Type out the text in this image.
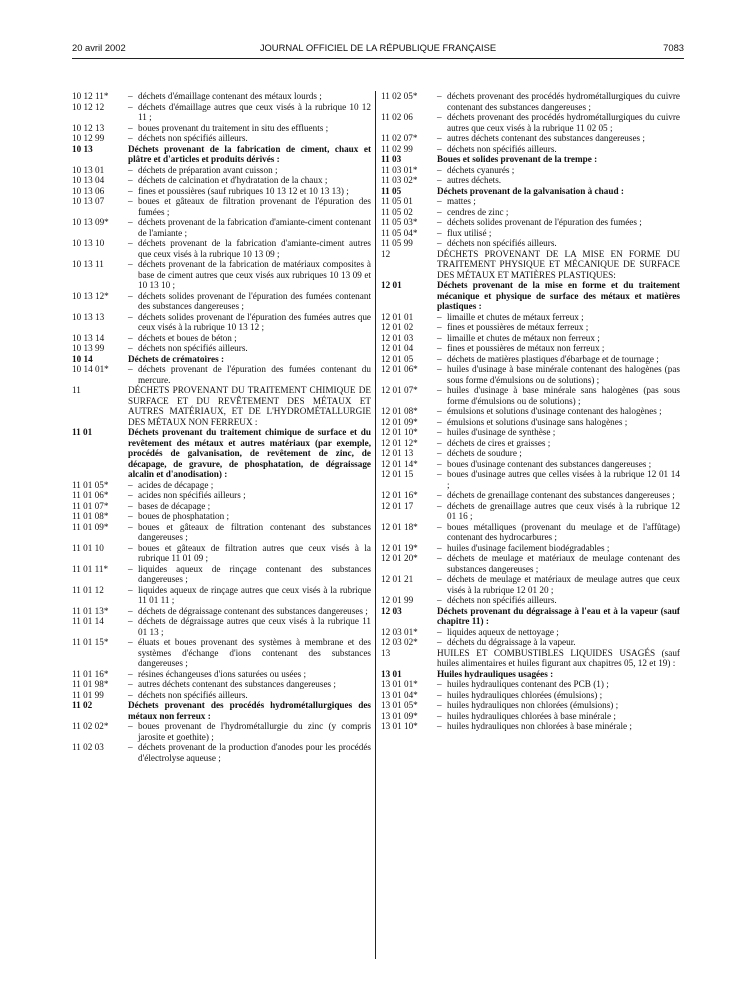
20 avril 2002	JOURNAL OFFICIEL DE LA RÉPUBLIQUE FRANÇAISE	7083
10 12 11*	– déchets d'émaillage contenant des métaux lourds ;
10 12 12	– déchets d'émaillage autres que ceux visés à la rubrique 10 12 11 ;
10 12 13	– boues provenant du traitement in situ des effluents ;
10 12 99	– déchets non spécifiés ailleurs.
10 13	Déchets provenant de la fabrication de ciment, chaux et plâtre et d'articles et produits dérivés :
10 13 01	– déchets de préparation avant cuisson ;
10 13 04	– déchets de calcination et d'hydratation de la chaux ;
10 13 06	– fines et poussières (sauf rubriques 10 13 12 et 10 13 13) ;
10 13 07	– boues et gâteaux de filtration provenant de l'épuration des fumées ;
10 13 09*	– déchets provenant de la fabrication d'amiante-ciment contenant de l'amiante ;
10 13 10	– déchets provenant de la fabrication d'amiante-ciment autres que ceux visés à la rubrique 10 13 09 ;
10 13 11	– déchets provenant de la fabrication de matériaux composites à base de ciment autres que ceux visés aux rubriques 10 13 09 et 10 13 10 ;
10 13 12*	– déchets solides provenant de l'épuration des fumées contenant des substances dangereuses ;
10 13 13	– déchets solides provenant de l'épuration des fumées autres que ceux visés à la rubrique 10 13 12 ;
10 13 14	– déchets et boues de béton ;
10 13 99	– déchets non spécifiés ailleurs.
10 14	Déchets de crématoires :
10 14 01*	– déchets provenant de l'épuration des fumées contenant du mercure.
11	DÉCHETS PROVENANT DU TRAITEMENT CHIMIQUE DE SURFACE ET DU REVÊTEMENT DES MÉTAUX ET AUTRES MATÉRIAUX, ET DE L'HYDROMÉTALLURGIE DES MÉTAUX NON FERREUX :
11 01	Déchets provenant du traitement chimique de surface et du revêtement des métaux et autres matériaux (par exemple, procédés de galvanisation, de revêtement de zinc, de décapage, de gravure, de phosphatation, de dégraissage alcalin et d'anodisation) :
11 01 05*	– acides de décapage ;
11 01 06*	– acides non spécifiés ailleurs ;
11 01 07*	– bases de décapage ;
11 01 08*	– boues de phosphatation ;
11 01 09*	– boues et gâteaux de filtration contenant des substances dangereuses ;
11 01 10	– boues et gâteaux de filtration autres que ceux visés à la rubrique 11 01 09 ;
11 01 11*	– liquides aqueux de rinçage contenant des substances dangereuses ;
11 01 12	– liquides aqueux de rinçage autres que ceux visés à la rubrique 11 01 11 ;
11 01 13*	– déchets de dégraissage contenant des substances dangereuses ;
11 01 14	– déchets de dégraissage autres que ceux visés à la rubrique 11 01 13 ;
11 01 15*	– éluats et boues provenant des systèmes à membrane et des systèmes d'échange d'ions contenant des substances dangereuses ;
11 01 16*	– résines échangeuses d'ions saturées ou usées ;
11 01 98*	– autres déchets contenant des substances dangereuses ;
11 01 99	– déchets non spécifiés ailleurs.
11 02	Déchets provenant des procédés hydrométallurgiques des métaux non ferreux :
11 02 02*	– boues provenant de l'hydrométallurgie du zinc (y compris jarosite et goethite) ;
11 02 03	– déchets provenant de la production d'anodes pour les procédés d'électrolyse aqueuse ;
11 02 05*	– déchets provenant des procédés hydrométallurgiques du cuivre contenant des substances dangereuses ;
11 02 06	– déchets provenant des procédés hydrométallurgiques du cuivre autres que ceux visés à la rubrique 11 02 05 ;
11 02 07*	– autres déchets contenant des substances dangereuses ;
11 02 99	– déchets non spécifiés ailleurs.
11 03	Boues et solides provenant de la trempe :
11 03 01*	– déchets cyanurés ;
11 03 02*	– autres déchets.
11 05	Déchets provenant de la galvanisation à chaud :
11 05 01	– mattes ;
11 05 02	– cendres de zinc ;
11 05 03*	– déchets solides provenant de l'épuration des fumées ;
11 05 04*	– flux utilisé ;
11 05 99	– déchets non spécifiés ailleurs.
12	DÉCHETS PROVENANT DE LA MISE EN FORME DU TRAITEMENT PHYSIQUE ET MÉCANIQUE DE SURFACE DES MÉTAUX ET MATIÈRES PLASTIQUES:
12 01	Déchets provenant de la mise en forme et du traitement mécanique et physique de surface des métaux et matières plastiques :
12 01 01	– limaille et chutes de métaux ferreux ;
12 01 02	– fines et poussières de métaux ferreux ;
12 01 03	– limaille et chutes de métaux non ferreux ;
12 01 04	– fines et poussières de métaux non ferreux ;
12 01 05	– déchets de matières plastiques d'ébarbage et de tournage ;
12 01 06*	– huiles d'usinage à base minérale contenant des halogènes (pas sous forme d'émulsions ou de solutions) ;
12 01 07*	– huiles d'usinage à base minérale sans halogènes (pas sous forme d'émulsions ou de solutions) ;
12 01 08*	– émulsions et solutions d'usinage contenant des halogènes ;
12 01 09*	– émulsions et solutions d'usinage sans halogènes ;
12 01 10*	– huiles d'usinage de synthèse ;
12 01 12*	– déchets de cires et graisses ;
12 01 13	– déchets de soudure ;
12 01 14*	– boues d'usinage contenant des substances dangereuses ;
12 01 15	– boues d'usinage autres que celles visées à la rubrique 12 01 14 ;
12 01 16*	– déchets de grenaillage contenant des substances dangereuses ;
12 01 17	– déchets de grenaillage autres que ceux visés à la rubrique 12 01 16 ;
12 01 18*	– boues métalliques (provenant du meulage et de l'affûtage) contenant des hydrocarbures ;
12 01 19*	– huiles d'usinage facilement biodégradables ;
12 01 20*	– déchets de meulage et matériaux de meulage contenant des substances dangereuses ;
12 01 21	– déchets de meulage et matériaux de meulage autres que ceux visés à la rubrique 12 01 20 ;
12 01 99	– déchets non spécifiés ailleurs.
12 03	Déchets provenant du dégraissage à l'eau et à la vapeur (sauf chapitre 11) :
12 03 01*	– liquides aqueux de nettoyage ;
12 03 02*	– déchets du dégraissage à la vapeur.
13	HUILES ET COMBUSTIBLES LIQUIDES USAGÉS (sauf huiles alimentaires et huiles figurant aux chapitres 05, 12 et 19) :
13 01	Huiles hydrauliques usagées :
13 01 01*	– huiles hydrauliques contenant des PCB (1) ;
13 01 04*	– huiles hydrauliques chlorées (émulsions) ;
13 01 05*	– huiles hydrauliques non chlorées (émulsions) ;
13 01 09*	– huiles hydrauliques chlorées à base minérale ;
13 01 10*	– huiles hydrauliques non chlorées à base minérale ;
